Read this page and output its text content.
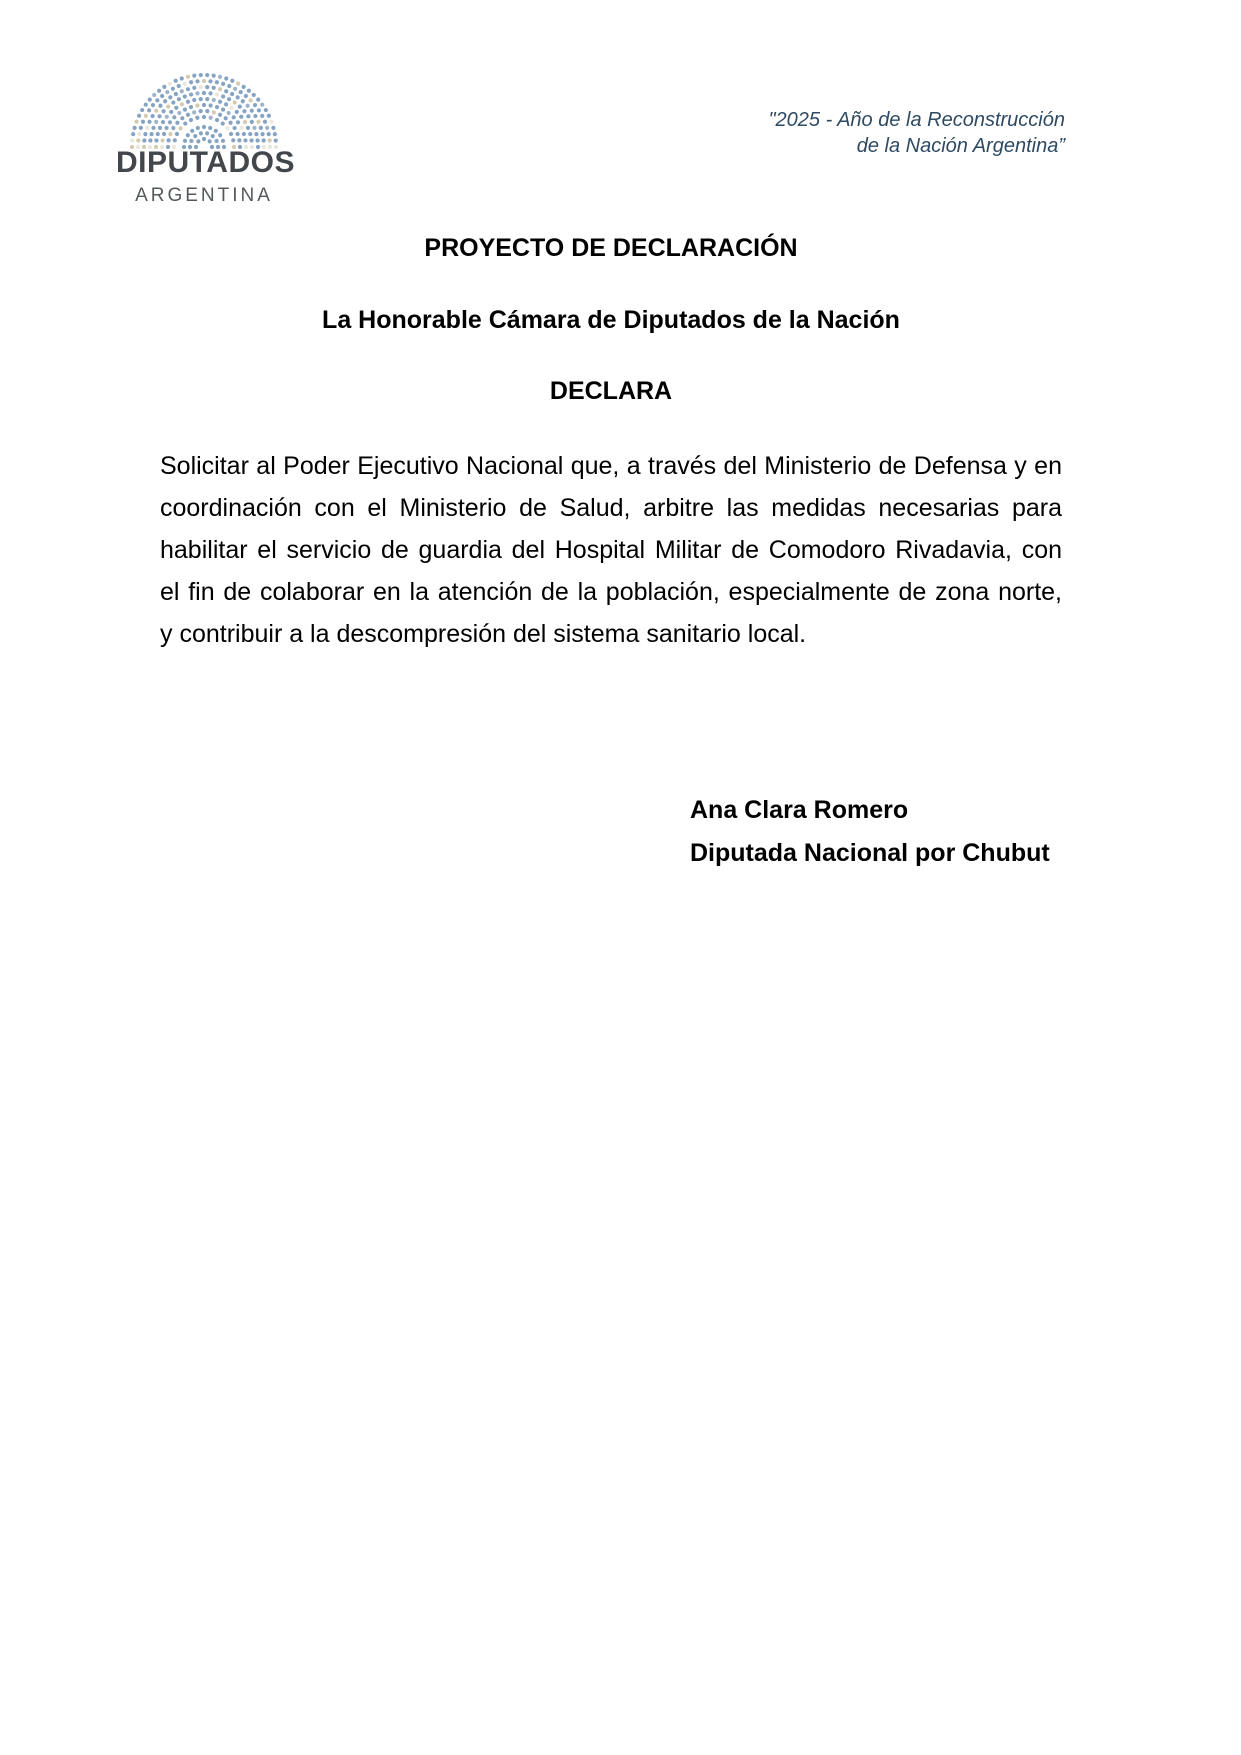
DIPUTADOS
ARGENTINA
"2025 - Año de la Reconstrucción
de la Nación Argentina”
PROYECTO DE DECLARACIÓN
La Honorable Cámara de Diputados de la Nación
DECLARA
Solicitar al Poder Ejecutivo Nacional que, a través del Ministerio de Defensa y en
coordinación con el Ministerio de Salud, arbitre las medidas necesarias para
habilitar el servicio de guardia del Hospital Militar de Comodoro Rivadavia, con
el fin de colaborar en la atención de la población, especialmente de zona norte,
y contribuir a la descompresión del sistema sanitario local.
Ana Clara Romero
Diputada Nacional por Chubut
